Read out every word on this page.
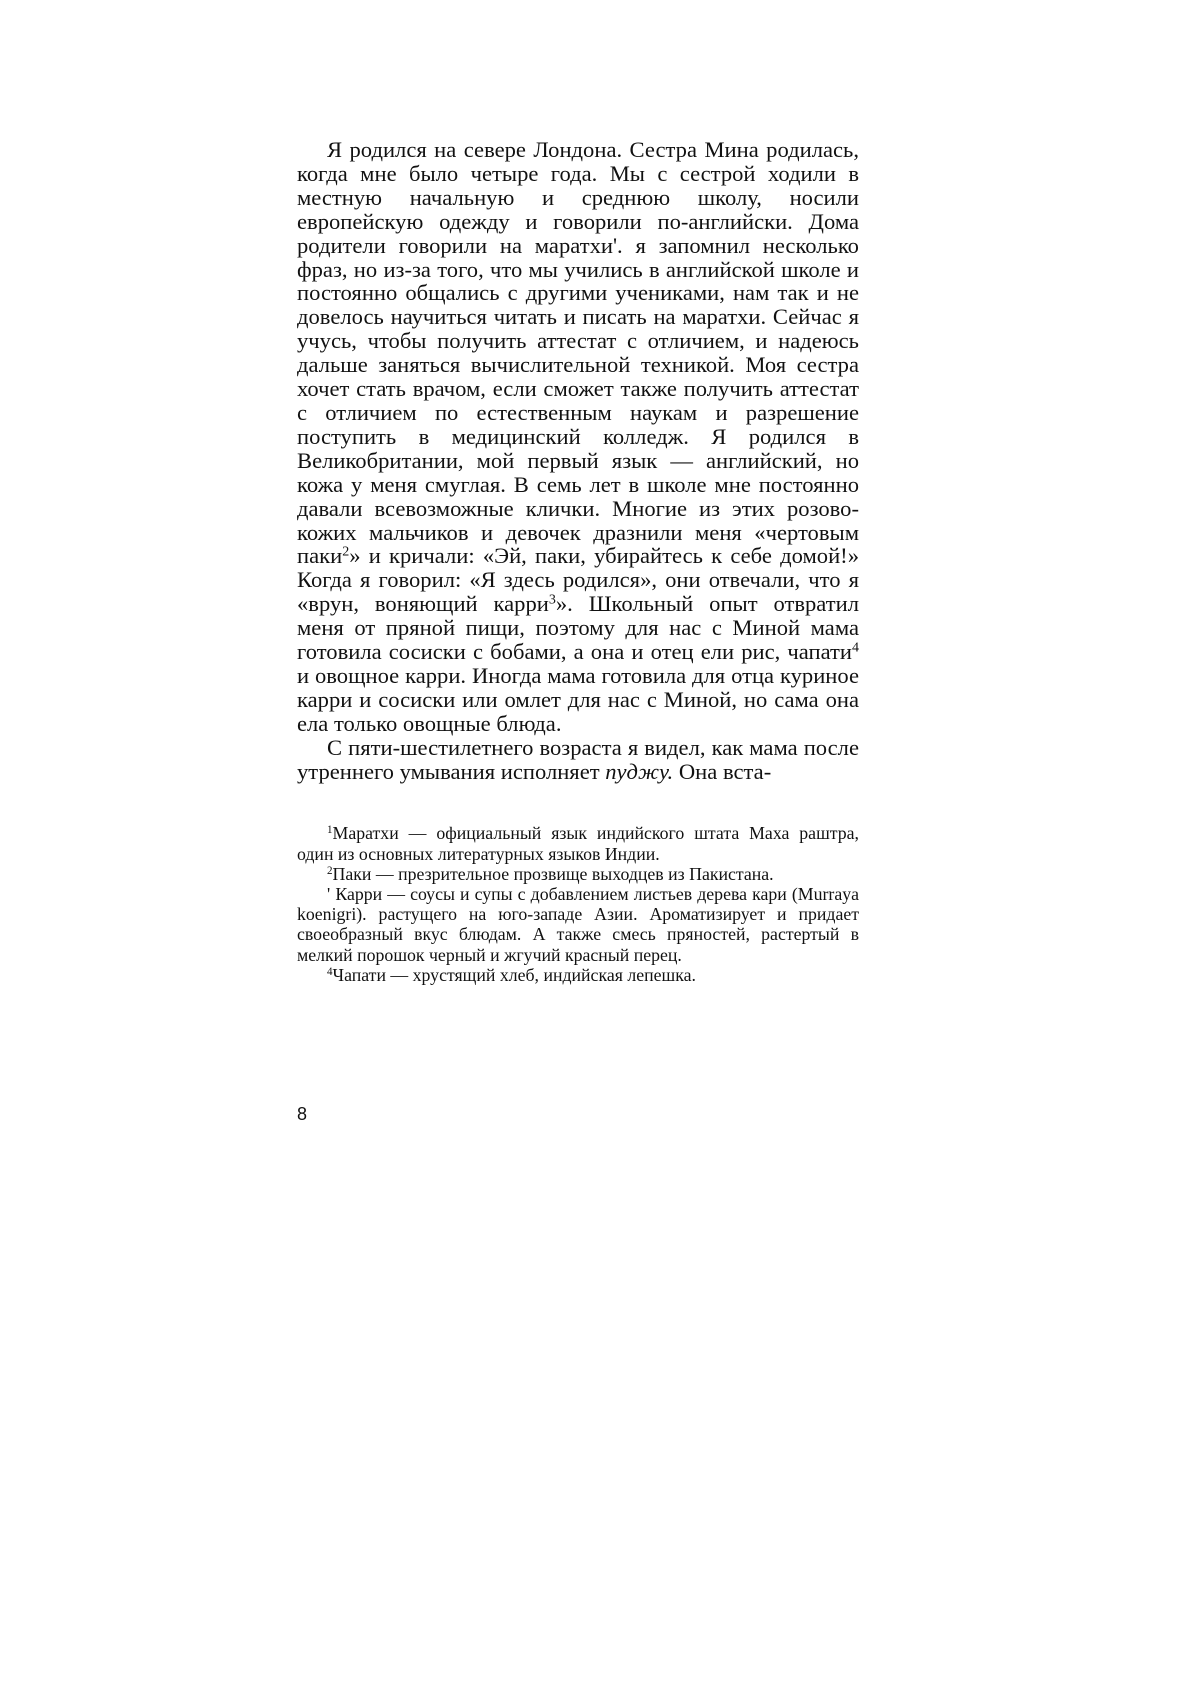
Я родился на севере Лондона. Сестра Мина родилась, когда мне было четыре года. Мы с сестрой ходили в местную начальную и среднюю школу, носили европейскую одежду и говорили по-английски. Дома родители говорили на маратхи'. я запомнил несколько фраз, но из-за того, что мы учились в английской школе и постоянно общались с другими учениками, нам так и не довелось научиться читать и писать на маратхи. Сейчас я учусь, чтобы получить аттестат с отличием, и надеюсь дальше заняться вычислительной техникой. Моя сестра хочет стать врачом, если сможет также получить аттестат с отличием по естественным наукам и разрешение поступить в медицинский колледж. Я родился в Великобритании, мой первый язык — английский, но кожа у меня смуглая. В семь лет в школе мне постоянно давали всевозможные клички. Многие из этих розово-кожих мальчиков и девочек дразнили меня «чертовым паки$^2$» и кричали: «Эй, паки, убирайтесь к себе домой!» Когда я говорил: «Я здесь родился», они отвечали, что я «врун, воняющий карри$^3$». Школьный опыт отвратил меня от пряной пищи, поэтому для нас с Миной мама готовила сосиски с бобами, а она и отец ели рис, чапати$^4$ и овощное карри. Иногда мама готовила для отца куриное карри и сосиски или омлет для нас с Миной, но сама она ела только овощные блюда.

С пяти-шестилетнего возраста я видел, как мама после утреннего умывания исполняет пуджу. Она вста-

$^1$Маратхи — официальный язык индийского штата Маха раштра, один из основных литературных языков Индии.

$^2$Паки — презрительное прозвище выходцев из Пакистана.

' Карри — соусы и супы с добавлением листьев дерева кари (Murraya koenigri). растущего на юго-западе Азии. Ароматизирует и придает своеобразный вкус блюдам. А также смесь пряностей, растертый в мелкий порошок черный и жгучий красный перец.

$^4$Чапати — хрустящий хлеб, индийская лепешка.

8
